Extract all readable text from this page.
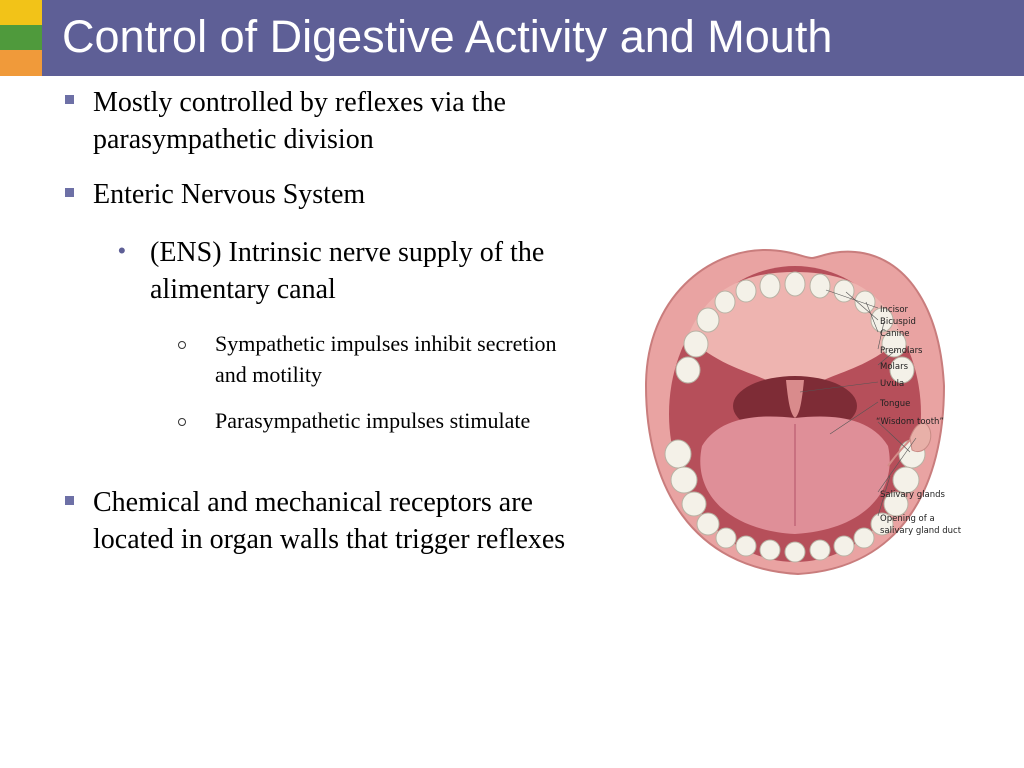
Control of Digestive Activity and Mouth
Mostly controlled by reflexes via the parasympathetic division
Enteric Nervous System
• (ENS) Intrinsic nerve supply of the alimentary canal
Sympathetic impulses inhibit secretion and motility
Parasympathetic impulses stimulate
Chemical and mechanical receptors are located in organ walls that trigger reflexes
Incisor
Bicuspid
Canine
Premolars
Molars
Uvula
Tongue
“Wisdom tooth”
Salivary glands
Opening of a
salivary gland duct
